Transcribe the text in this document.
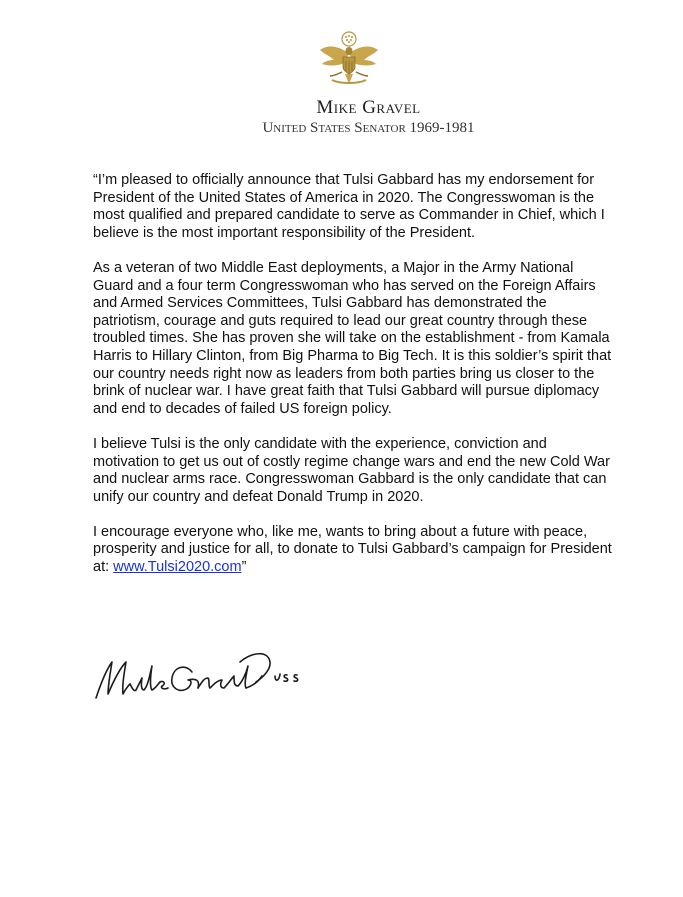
Mike Gravel
United States Senator 1969-1981

“I’m pleased to officially announce that Tulsi Gabbard has my endorsement for President of the United States of America in 2020. The Congresswoman is the most qualified and prepared candidate to serve as Commander in Chief, which I believe is the most important responsibility of the President.

As a veteran of two Middle East deployments, a Major in the Army National Guard and a four term Congresswoman who has served on the Foreign Affairs and Armed Services Committees, Tulsi Gabbard has demonstrated the patriotism, courage and guts required to lead our great country through these troubled times. She has proven she will take on the establishment - from Kamala Harris to Hillary Clinton, from Big Pharma to Big Tech. It is this soldier’s spirit that our country needs right now as leaders from both parties bring us closer to the brink of nuclear war. I have great faith that Tulsi Gabbard will pursue diplomacy and end to decades of failed US foreign policy.

I believe Tulsi is the only candidate with the experience, conviction and motivation to get us out of costly regime change wars and end the new Cold War and nuclear arms race. Congresswoman Gabbard is the only candidate that can unify our country and defeat Donald Trump in 2020.

I encourage everyone who, like me, wants to bring about a future with peace, prosperity and justice for all, to donate to Tulsi Gabbard’s campaign for President at: www.Tulsi2020.com”
